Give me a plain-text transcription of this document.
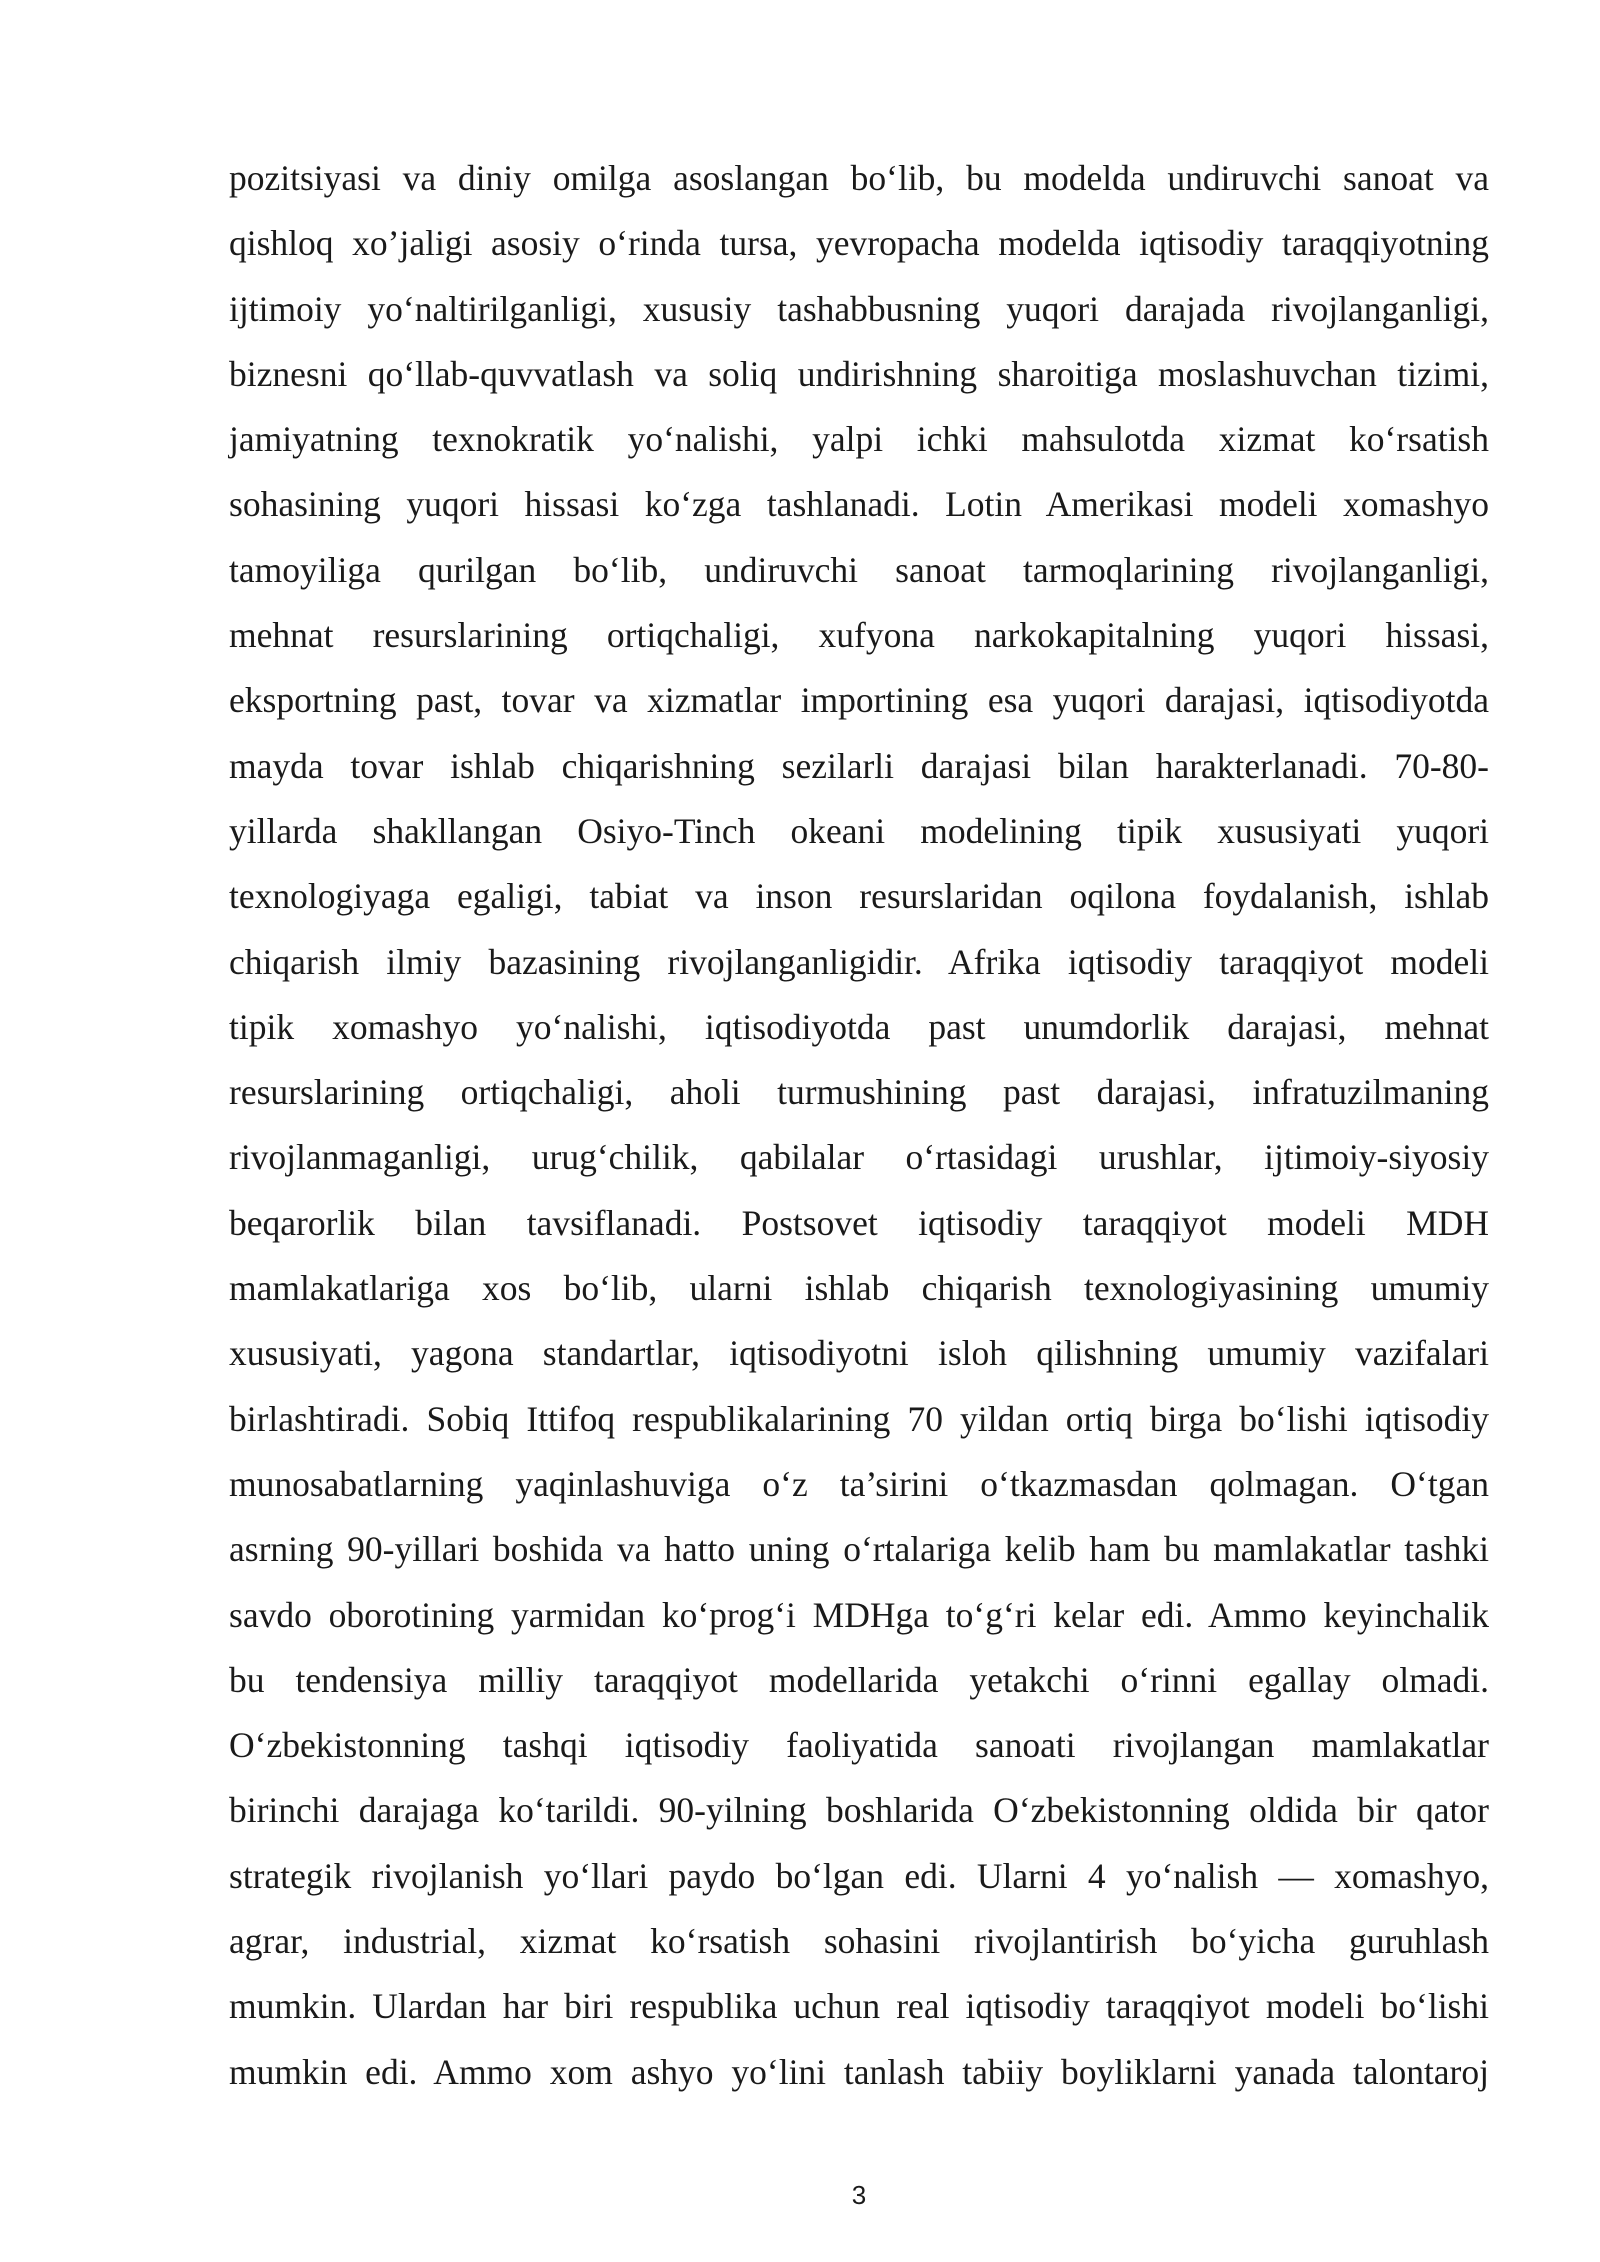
pozitsiyasi va diniy omilga asoslangan bo‘lib, bu modelda undiruvchi sanoat va
qishloq xo’jaligi asosiy o‘rinda tursa, yevropacha modelda iqtisodiy taraqqiyotning
ijtimoiy yo‘naltirilganligi, xususiy tashabbusning yuqori darajada rivojlanganligi,
biznesni qo‘llab-quvvatlash va soliq undirishning sharoitiga moslashuvchan tizimi,
jamiyatning texnokratik yo‘nalishi, yalpi ichki mahsulotda xizmat ko‘rsatish
sohasining yuqori hissasi ko‘zga tashlanadi. Lotin Amerikasi modeli xomashyo
tamoyiliga qurilgan bo‘lib, undiruvchi sanoat tarmoqlarining rivojlanganligi,
mehnat resurslarining ortiqchaligi, xufyona narkokapitalning yuqori hissasi,
eksportning past, tovar va xizmatlar importining esa yuqori darajasi, iqtisodiyotda
mayda tovar ishlab chiqarishning sezilarli darajasi bilan harakterlanadi. 70-80-
yillarda shakllangan Osiyo-Tinch okeani modelining tipik xususiyati yuqori
texnologiyaga egaligi, tabiat va inson resurslaridan oqilona foydalanish, ishlab
chiqarish ilmiy bazasining rivojlanganligidir. Afrika iqtisodiy taraqqiyot modeli
tipik xomashyo yo‘nalishi, iqtisodiyotda past unumdorlik darajasi, mehnat
resurslarining ortiqchaligi, aholi turmushining past darajasi, infratuzilmaning
rivojlanmaganligi, urug‘chilik, qabilalar o‘rtasidagi urushlar, ijtimoiy-siyosiy
beqarorlik bilan tavsiflanadi. Postsovet iqtisodiy taraqqiyot modeli MDH
mamlakatlariga xos bo‘lib, ularni ishlab chiqarish texnologiyasining umumiy
xususiyati, yagona standartlar, iqtisodiyotni isloh qilishning umumiy vazifalari
birlashtiradi. Sobiq Ittifoq respublikalarining 70 yildan ortiq birga bo‘lishi iqtisodiy
munosabatlarning yaqinlashuviga o‘z ta’sirini o‘tkazmasdan qolmagan. O‘tgan
asrning 90-yillari boshida va hatto uning o‘rtalariga kelib ham bu mamlakatlar tashki
savdo oborotining yarmidan ko‘prog‘i MDHga to‘g‘ri kelar edi. Ammo keyinchalik
bu tendensiya milliy taraqqiyot modellarida yetakchi o‘rinni egallay olmadi.
O‘zbekistonning tashqi iqtisodiy faoliyatida sanoati rivojlangan mamlakatlar
birinchi darajaga ko‘tarildi. 90-yilning boshlarida O‘zbekistonning oldida bir qator
strategik rivojlanish yo‘llari paydo bo‘lgan edi. Ularni 4 yo‘nalish — xomashyo,
agrar, industrial, xizmat ko‘rsatish sohasini rivojlantirish bo‘yicha guruhlash
mumkin. Ulardan har biri respublika uchun real iqtisodiy taraqqiyot modeli bo‘lishi
mumkin edi. Ammo xom ashyo yo‘lini tanlash tabiiy boyliklarni yanada talontaroj
3
